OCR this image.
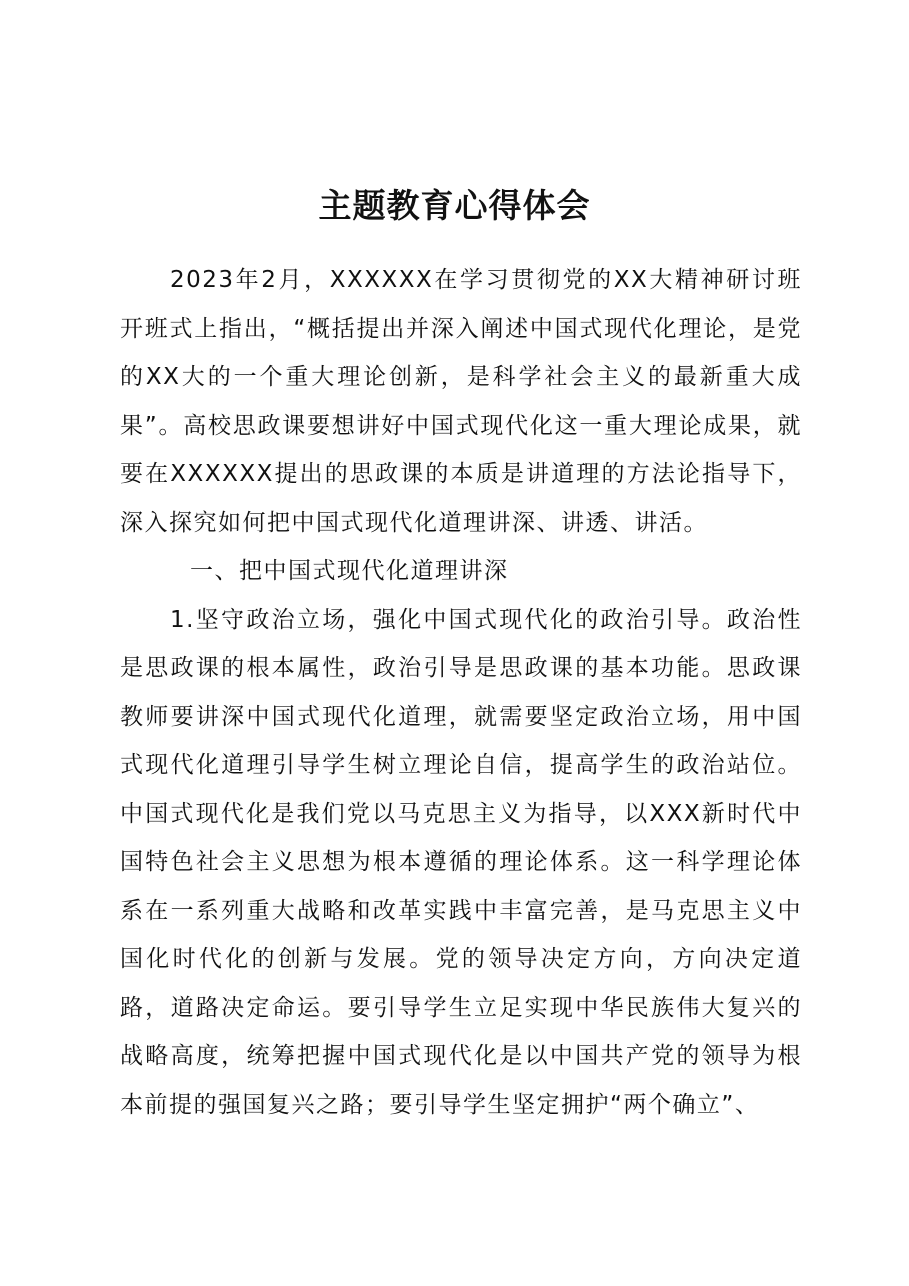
主题教育心得体会

2023年2月，XXXXXX在学习贯彻党的XX大精神研讨班开班式上指出，“概括提出并深入阐述中国式现代化理论，是党的XX大的一个重大理论创新，是科学社会主义的最新重大成果”。高校思政课要想讲好中国式现代化这一重大理论成果，就要在XXXXXX提出的思政课的本质是讲道理的方法论指导下，深入探究如何把中国式现代化道理讲深、讲透、讲活。

一、把中国式现代化道理讲深

1.坚守政治立场，强化中国式现代化的政治引导。政治性是思政课的根本属性，政治引导是思政课的基本功能。思政课教师要讲深中国式现代化道理，就需要坚定政治立场，用中国式现代化道理引导学生树立理论自信，提高学生的政治站位。中国式现代化是我们党以马克思主义为指导，以XXX新时代中国特色社会主义思想为根本遵循的理论体系。这一科学理论体系在一系列重大战略和改革实践中丰富完善，是马克思主义中国化时代化的创新与发展。党的领导决定方向，方向决定道路，道路决定命运。要引导学生立足实现中华民族伟大复兴的战略高度，统筹把握中国式现代化是以中国共产党的领导为根本前提的强国复兴之路；要引导学生坚定拥护“两个确立”、
